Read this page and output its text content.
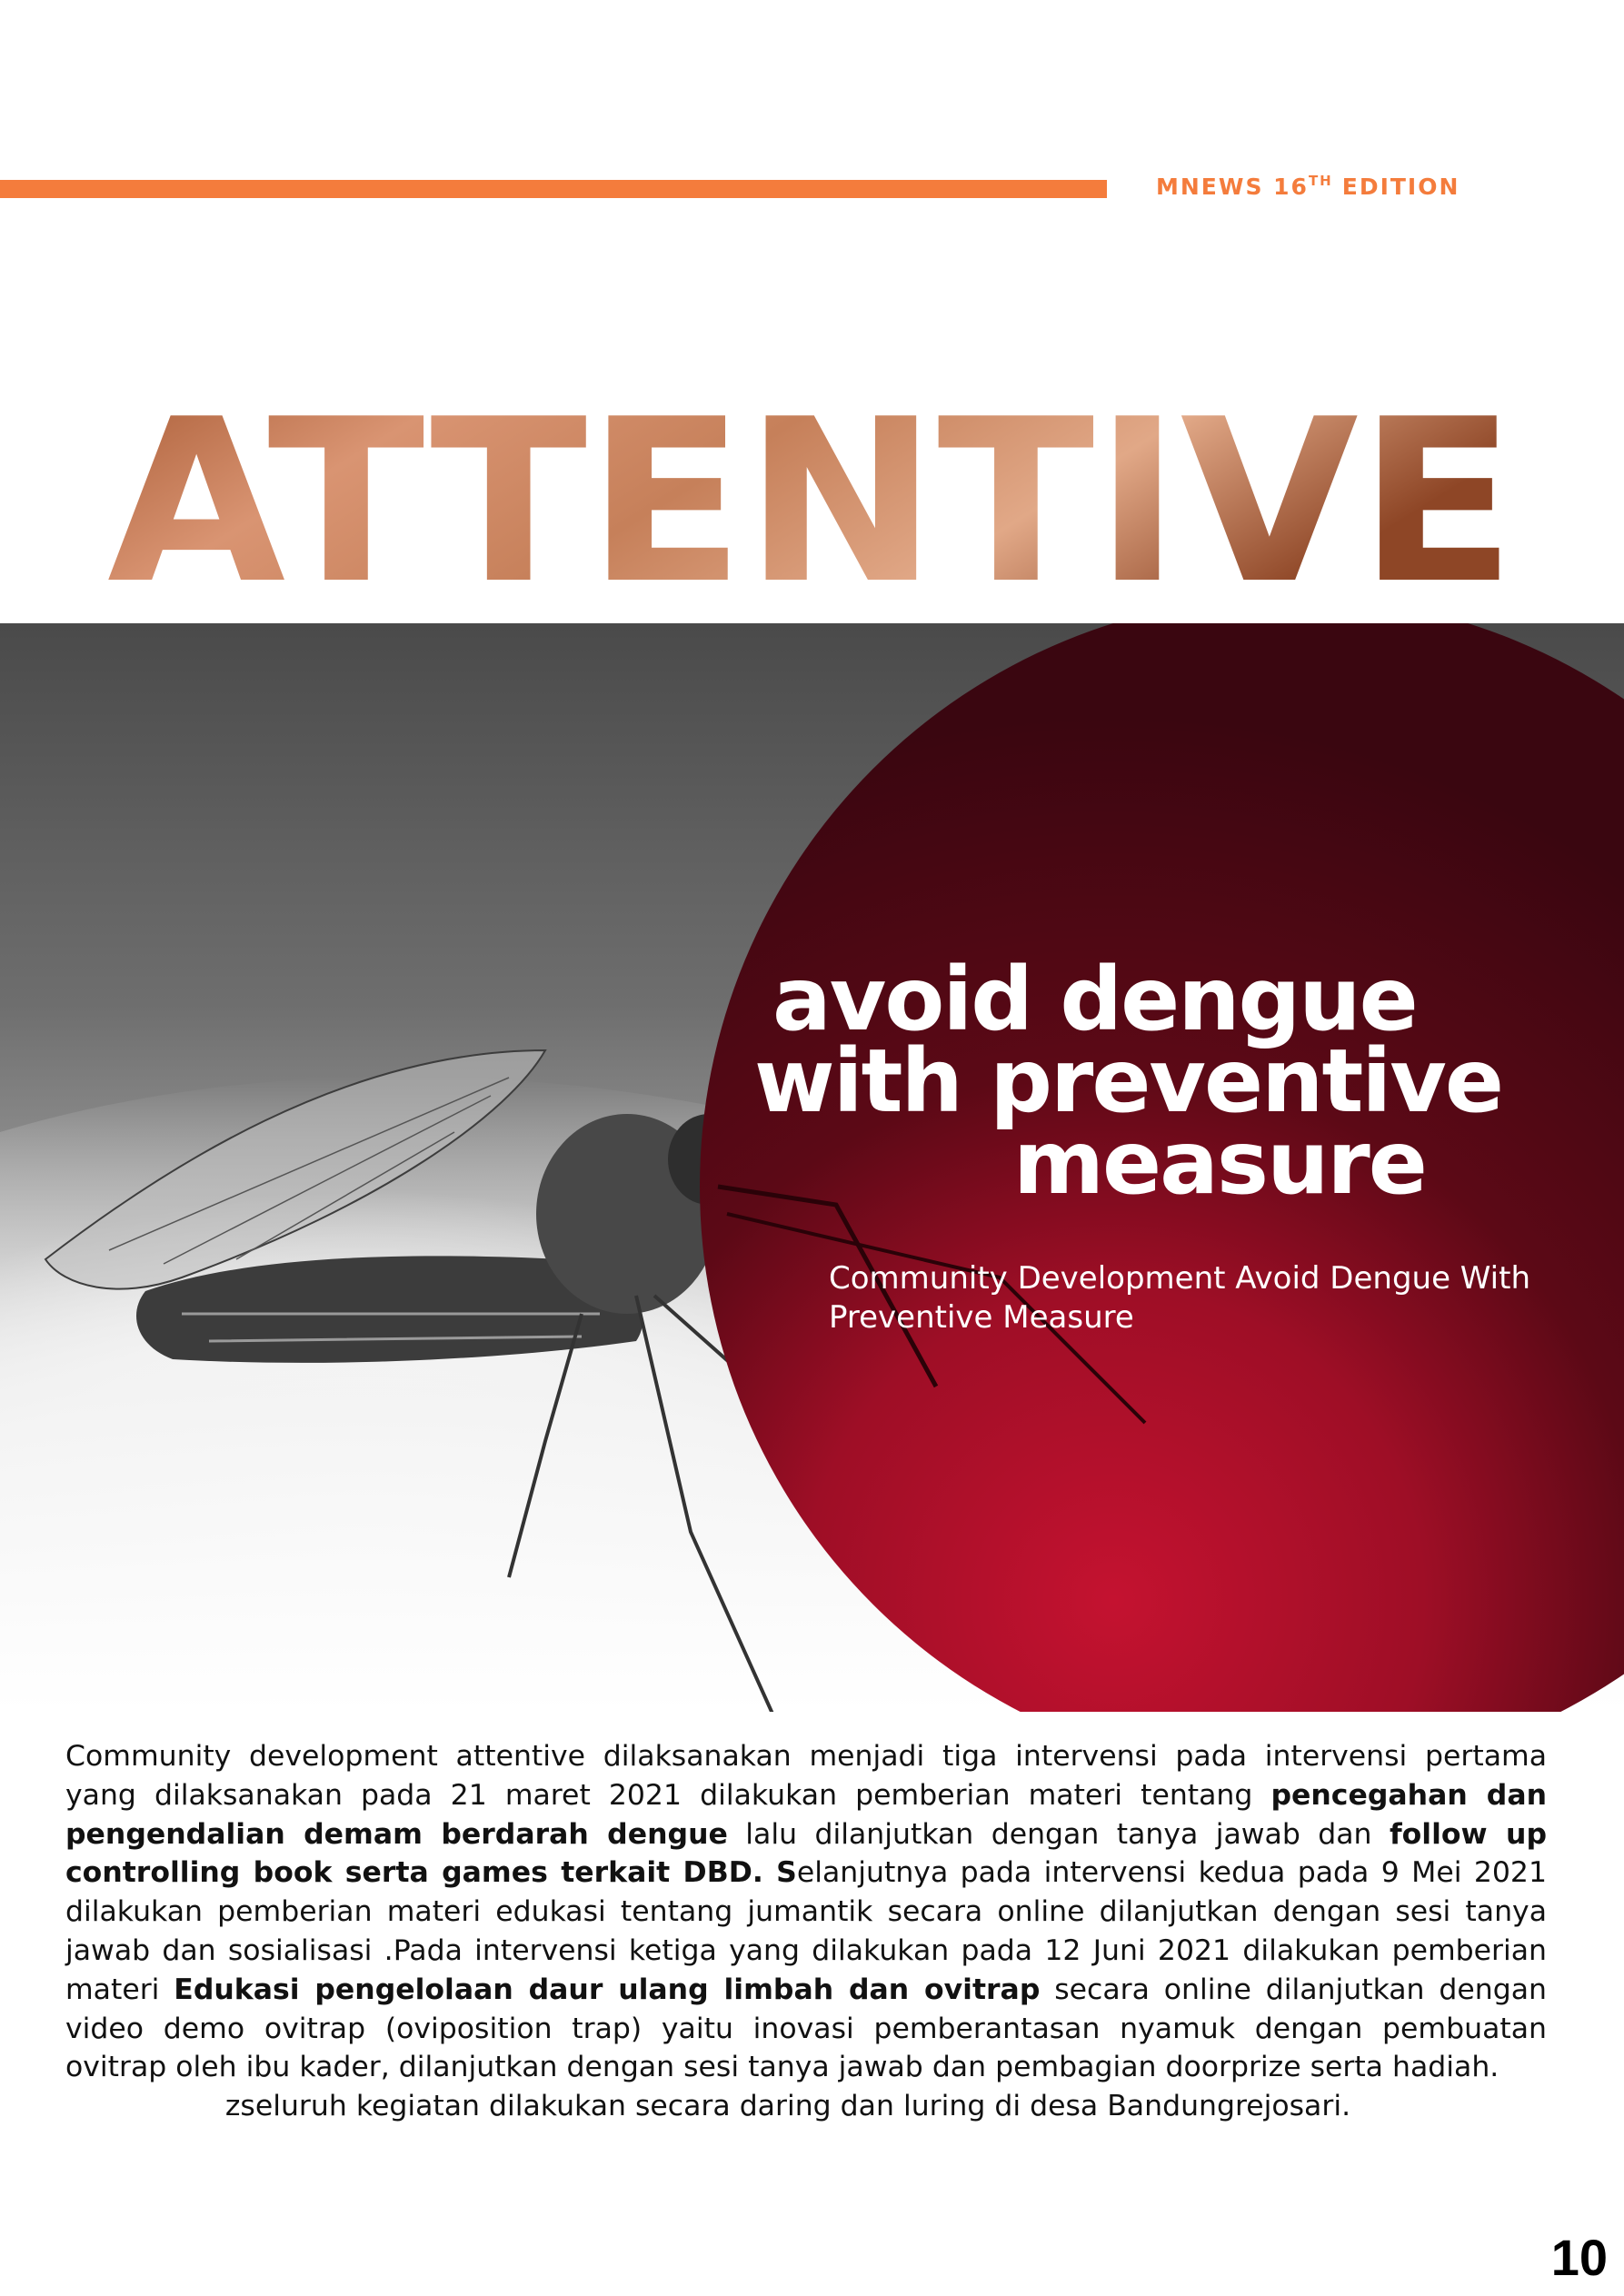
MNEWS 16TH EDITION
ATTENTIVE
avoid dengue
with preventive
measure
Community Development Avoid Dengue With Preventive Measure
Community development attentive dilaksanakan menjadi tiga intervensi pada intervensi pertama yang dilaksanakan pada 21 maret 2021 dilakukan pemberian materi tentang pencegahan dan pengendalian demam berdarah dengue lalu dilanjutkan dengan tanya jawab dan follow up controlling book serta games terkait DBD. Selanjutnya pada intervensi kedua pada 9 Mei 2021 dilakukan pemberian materi edukasi tentang jumantik secara online dilanjutkan dengan sesi tanya jawab dan sosialisasi .Pada intervensi ketiga yang dilakukan pada 12 Juni 2021 dilakukan pemberian materi Edukasi pengelolaan daur ulang limbah dan ovitrap secara online dilanjutkan dengan video demo ovitrap (oviposition trap) yaitu inovasi pemberantasan nyamuk dengan pembuatan ovitrap oleh ibu kader, dilanjutkan dengan sesi tanya jawab dan pembagian doorprize serta hadiah.
zseluruh kegiatan dilakukan secara daring dan luring di desa Bandungrejosari.
10
